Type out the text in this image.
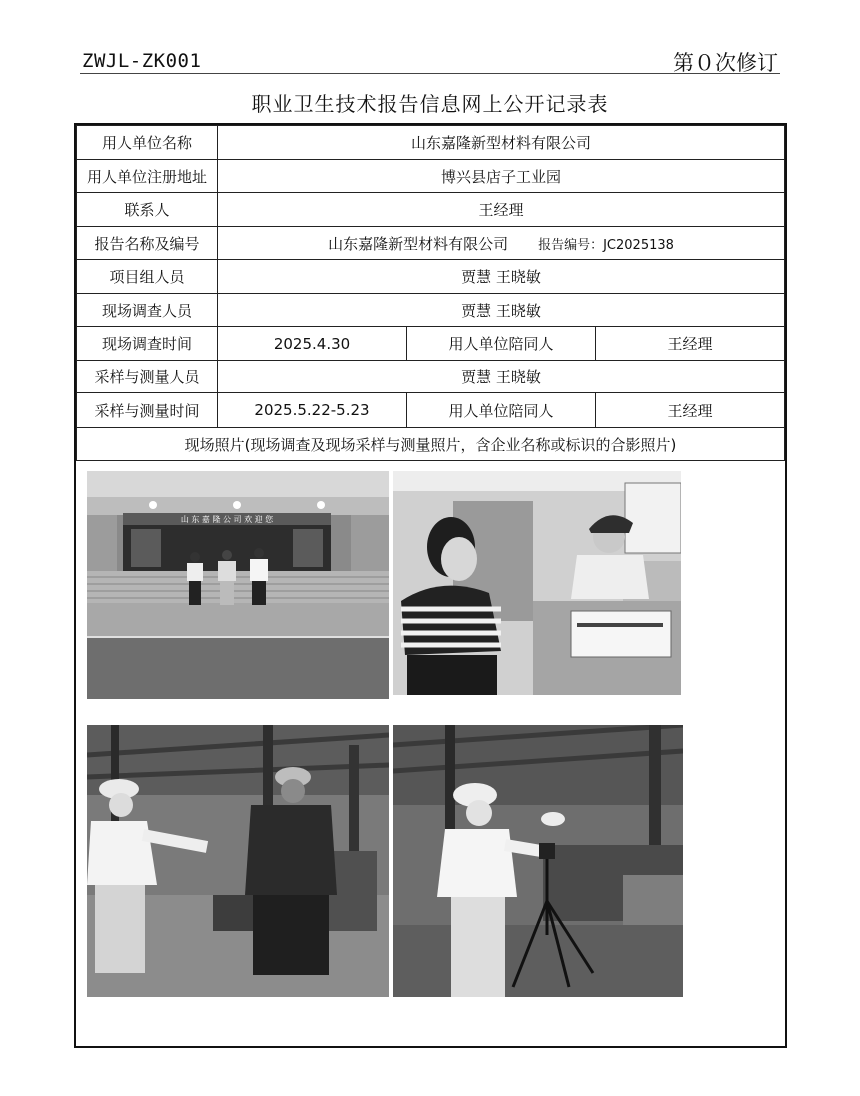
ZWJL-ZK001	第０次修订
职业卫生技术报告信息网上公开记录表
用人单位名称	山东嘉隆新型材料有限公司		
用人单位注册地址	博兴县店子工业园		
联系人	王经理		
报告名称及编号	山东嘉隆新型材料有限公司 报告编号：JC2025138		
项目组人员	贾慧 王晓敏		
现场调查人员	贾慧 王晓敏		
现场调查时间	2025.4.30	用人单位陪同人	王经理
采样与测量人员	贾慧 王晓敏		
采样与测量时间	2025.5.22-5.23	用人单位陪同人	王经理
现场照片(现场调查及现场采样与测量照片，含企业名称或标识的合影照片)			
山 东 嘉 隆 公 司 欢 迎 您
